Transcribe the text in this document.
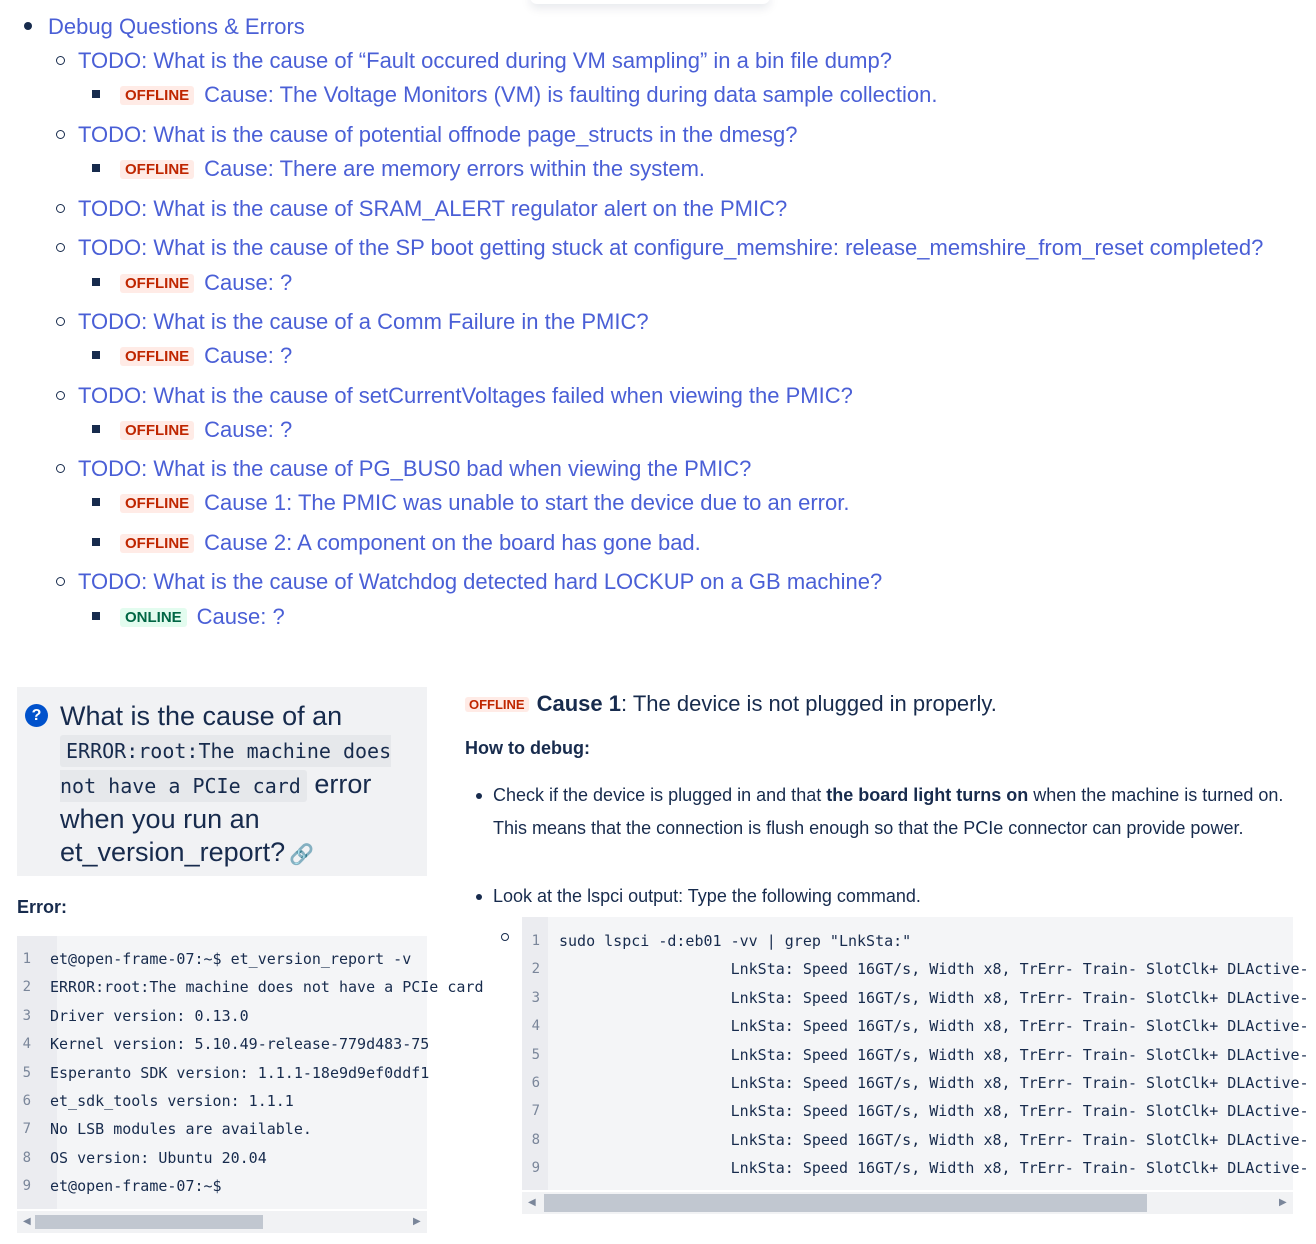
Debug Questions & Errors
TODO: What is the cause of “Fault occured during VM sampling” in a bin file dump?
OFFLINE Cause: The Voltage Monitors (VM) is faulting during data sample collection.
TODO: What is the cause of potential offnode page_structs in the dmesg?
OFFLINE Cause: There are memory errors within the system.
TODO: What is the cause of SRAM_ALERT regulator alert on the PMIC?
TODO: What is the cause of the SP boot getting stuck at configure_memshire: release_memshire_from_reset completed?
OFFLINE Cause: ?
TODO: What is the cause of a Comm Failure in the PMIC?
OFFLINE Cause: ?
TODO: What is the cause of setCurrentVoltages failed when viewing the PMIC?
OFFLINE Cause: ?
TODO: What is the cause of PG_BUS0 bad when viewing the PMIC?
OFFLINE Cause 1: The PMIC was unable to start the device due to an error.
OFFLINE Cause 2: A component on the board has gone bad.
TODO: What is the cause of Watchdog detected hard LOCKUP on a GB machine?
ONLINE Cause: ?
? What is the cause of an ERROR:root:The machine does not have a PCIe card error when you run an et_version_report? 🔗
Error:
1 et@open-frame-07:~$ et_version_report -v
2 ERROR:root:The machine does not have a PCIe card
3 Driver version: 0.13.0
4 Kernel version: 5.10.49-release-779d483-75
5 Esperanto SDK version: 1.1.1-18e9d9ef0ddf1
6 et_sdk_tools version: 1.1.1
7 No LSB modules are available.
8 OS version: Ubuntu 20.04
9 et@open-frame-07:~$
◀	▶
OFFLINE Cause 1: The device is not plugged in properly.
How to debug:
Check if the device is plugged in and that the board light turns on when the machine is turned on. This means that the connection is flush enough so that the PCIe connector can provide power.
Look at the lspci output: Type the following command.
1 sudo lspci -d:eb01 -vv | grep "LnkSta:"
2 LnkSta: Speed 16GT/s, Width x8, TrErr- Train- SlotClk+ DLActive-
3 LnkSta: Speed 16GT/s, Width x8, TrErr- Train- SlotClk+ DLActive-
4 LnkSta: Speed 16GT/s, Width x8, TrErr- Train- SlotClk+ DLActive-
5 LnkSta: Speed 16GT/s, Width x8, TrErr- Train- SlotClk+ DLActive-
6 LnkSta: Speed 16GT/s, Width x8, TrErr- Train- SlotClk+ DLActive-
7 LnkSta: Speed 16GT/s, Width x8, TrErr- Train- SlotClk+ DLActive-
8 LnkSta: Speed 16GT/s, Width x8, TrErr- Train- SlotClk+ DLActive-
9 LnkSta: Speed 16GT/s, Width x8, TrErr- Train- SlotClk+ DLActive-
◀	▶
